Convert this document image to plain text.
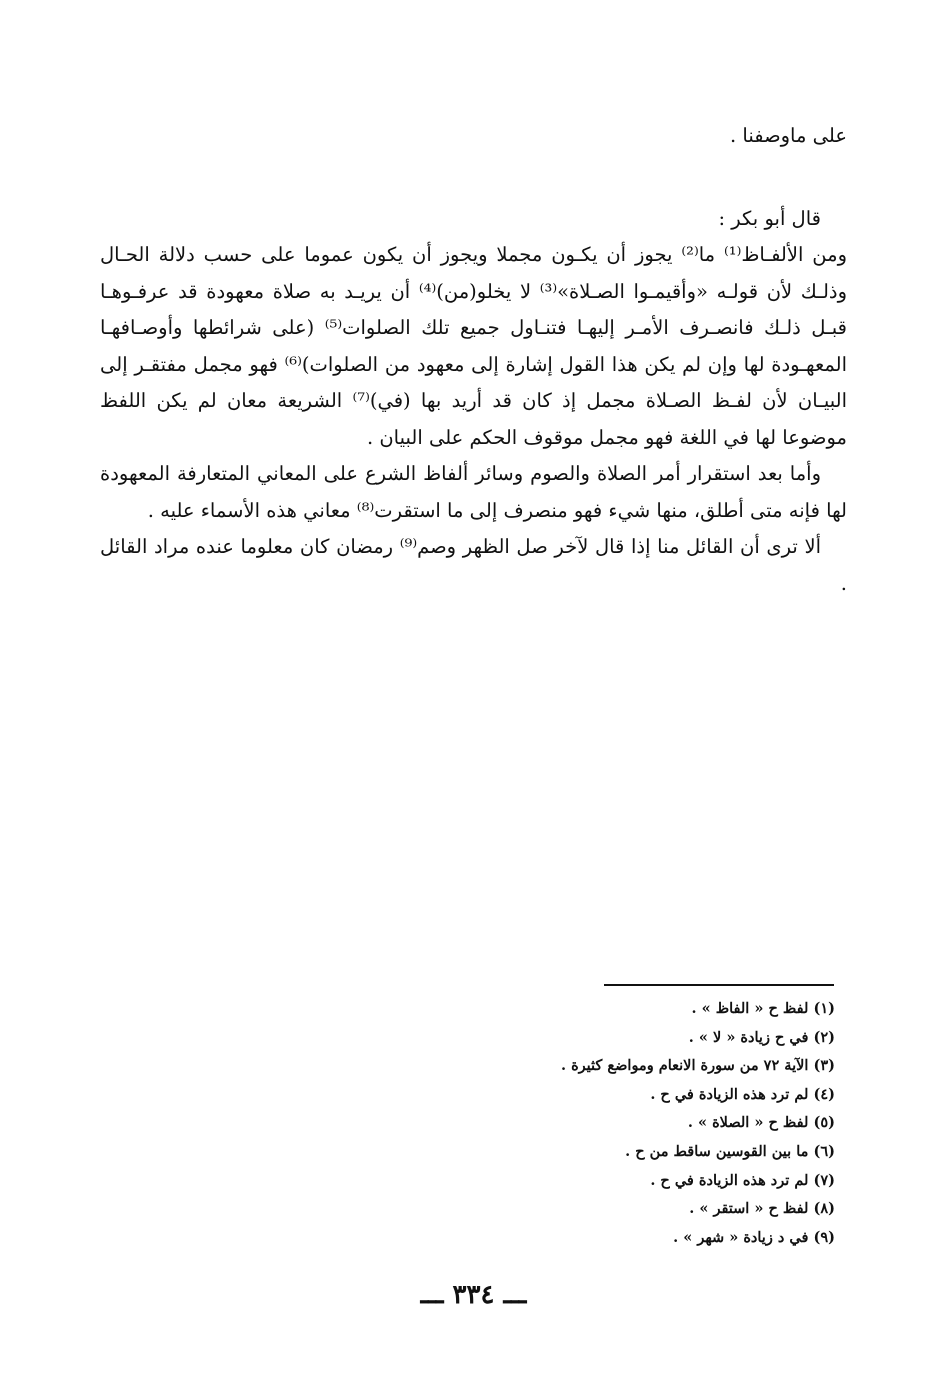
على ماوصفنا .

قال أبو بكر :

ومن الألفـاظ⁽¹⁾ ما⁽²⁾ يجوز أن يكـون مجملا ويجوز أن يكون عموما على حسب دلالة الحـال وذلـك لأن قولـه «وأقيمـوا الصـلاة»⁽³⁾ لا يخلو(من)⁽⁴⁾ أن يريـد به صلاة معهودة قد عرفـوهـا قبـل ذلـك فانصـرف الأمـر إليهـا فتنـاول جميع تلك الصلوات⁽⁵⁾ (على شرائطها وأوصـافهـا المعهـودة لها وإن لم يكن هذا القول إشارة إلى معهود من الصلوات)⁽⁶⁾ فهو مجمل مفتقـر إلى البيـان لأن لفـظ الصـلاة مجمل إذ كان قد أريد بها (في)⁽⁷⁾ الشريعة معان لم يكن اللفظ موضوعا لها في اللغة فهو مجمل موقوف الحكم على البيان .

وأما بعد استقرار أمر الصلاة والصوم وسائر ألفاظ الشرع على المعاني المتعارفة المعهودة لها فإنه متى أطلق، منها شيء فهو منصرف إلى ما استقرت⁽⁸⁾ معاني هذه الأسماء عليه .

ألا ترى أن القائل منا إذا قال لآخر صل الظهر وصم⁽⁹⁾ رمضان كان معلوما عنده مراد القائل .

(١) لفظ ح « الفاظ » .
(٢) في ح زيادة « لا » .
(٣) الآية ٧٢ من سورة الانعام ومواضع كثيرة .
(٤) لم ترد هذه الزيادة في ح .
(٥) لفظ ح « الصلاة » .
(٦) ما بين القوسين ساقط من ح .
(٧) لم ترد هذه الزيادة في ح .
(٨) لفظ ح « استقر » .
(٩) في د زيادة « شهر » .
ـــ ٣٣٤ ـــ
